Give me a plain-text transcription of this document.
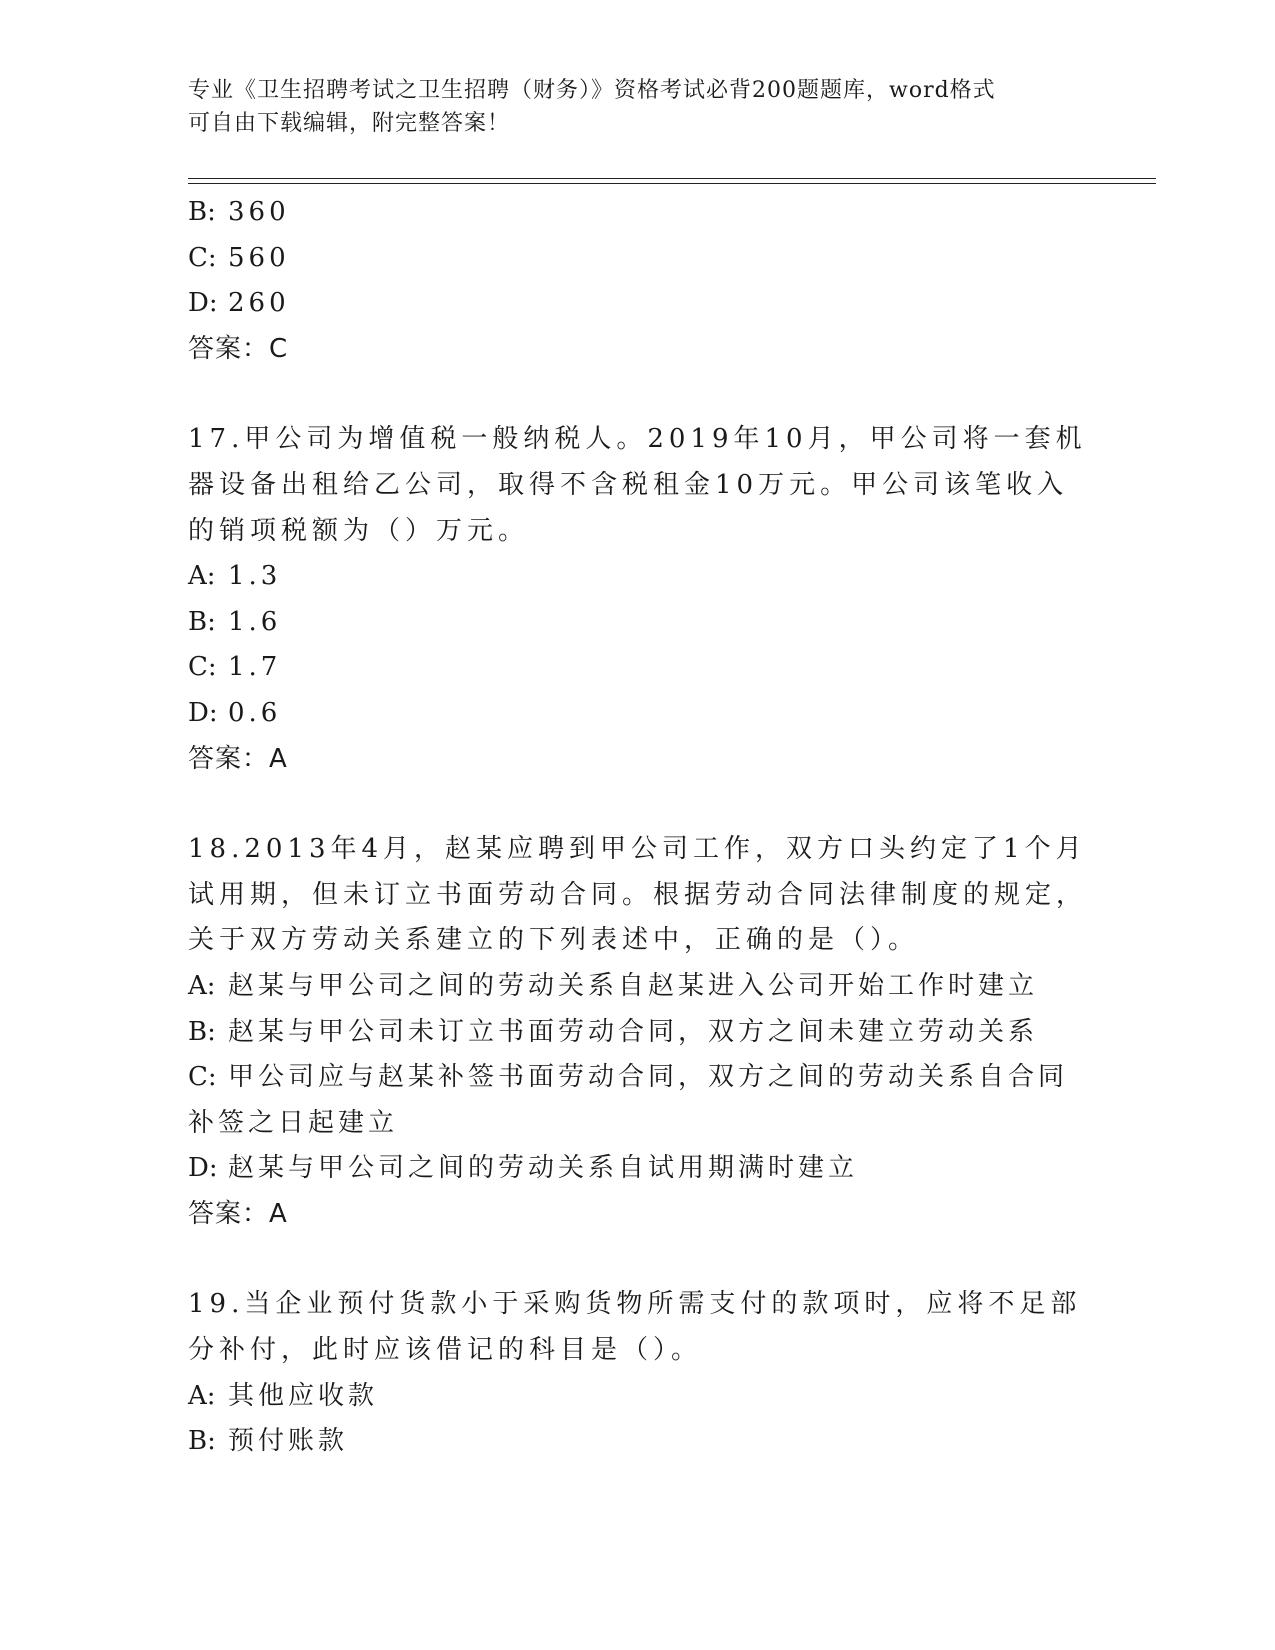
专业《卫生招聘考试之卫生招聘（财务）》资格考试必背200题题库，word格式
可自由下载编辑，附完整答案！
B: 360
C: 560
D: 260
答案：C
17.甲公司为增值税一般纳税人。2019年10月，甲公司将一套机器设备出租给乙公司，取得不含税租金10万元。甲公司该笔收入的销项税额为（）万元。
A: 1.3
B: 1.6
C: 1.7
D: 0.6
答案：A
18.2013年4月，赵某应聘到甲公司工作，双方口头约定了1个月试用期，但未订立书面劳动合同。根据劳动合同法律制度的规定，关于双方劳动关系建立的下列表述中，正确的是（）。
A: 赵某与甲公司之间的劳动关系自赵某进入公司开始工作时建立
B: 赵某与甲公司未订立书面劳动合同，双方之间未建立劳动关系
C: 甲公司应与赵某补签书面劳动合同，双方之间的劳动关系自合同补签之日起建立
D: 赵某与甲公司之间的劳动关系自试用期满时建立
答案：A
19.当企业预付货款小于采购货物所需支付的款项时，应将不足部分补付，此时应该借记的科目是（）。
A: 其他应收款
B: 预付账款
